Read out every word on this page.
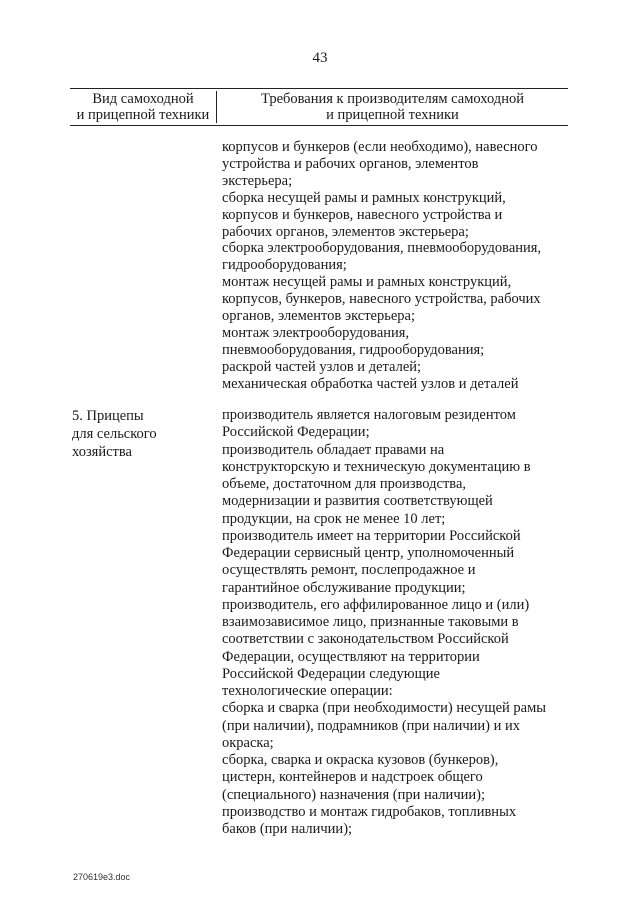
43
Вид самоходной
и прицепной техники
Требования к производителям самоходной
и прицепной техники
корпусов и бункеров (если необходимо), навесного
устройства и рабочих органов, элементов
экстерьера;
сборка несущей рамы и рамных конструкций,
корпусов и бункеров, навесного устройства и
рабочих органов, элементов экстерьера;
сборка электрооборудования, пневмооборудования,
гидрооборудования;
монтаж несущей рамы и рамных конструкций,
корпусов, бункеров, навесного устройства, рабочих
органов, элементов экстерьера;
монтаж электрооборудования,
пневмооборудования, гидрооборудования;
раскрой частей узлов и деталей;
механическая обработка частей узлов и деталей
5. Прицепы
для сельского
хозяйства
производитель является налоговым резидентом
Российской Федерации;
производитель обладает правами на
конструкторскую и техническую документацию в
объеме, достаточном для производства,
модернизации и развития соответствующей
продукции, на срок не менее 10 лет;
производитель имеет на территории Российской
Федерации сервисный центр, уполномоченный
осуществлять ремонт, послепродажное и
гарантийное обслуживание продукции;
производитель, его аффилированное лицо и (или)
взаимозависимое лицо, признанные таковыми в
соответствии с законодательством Российской
Федерации, осуществляют на территории
Российской Федерации следующие
технологические операции:
сборка и сварка (при необходимости) несущей рамы
(при наличии), подрамников (при наличии) и их
окраска;
сборка, сварка и окраска кузовов (бункеров),
цистерн, контейнеров и надстроек общего
(специального) назначения (при наличии);
производство и монтаж гидробаков, топливных
баков (при наличии);
270619e3.doc
